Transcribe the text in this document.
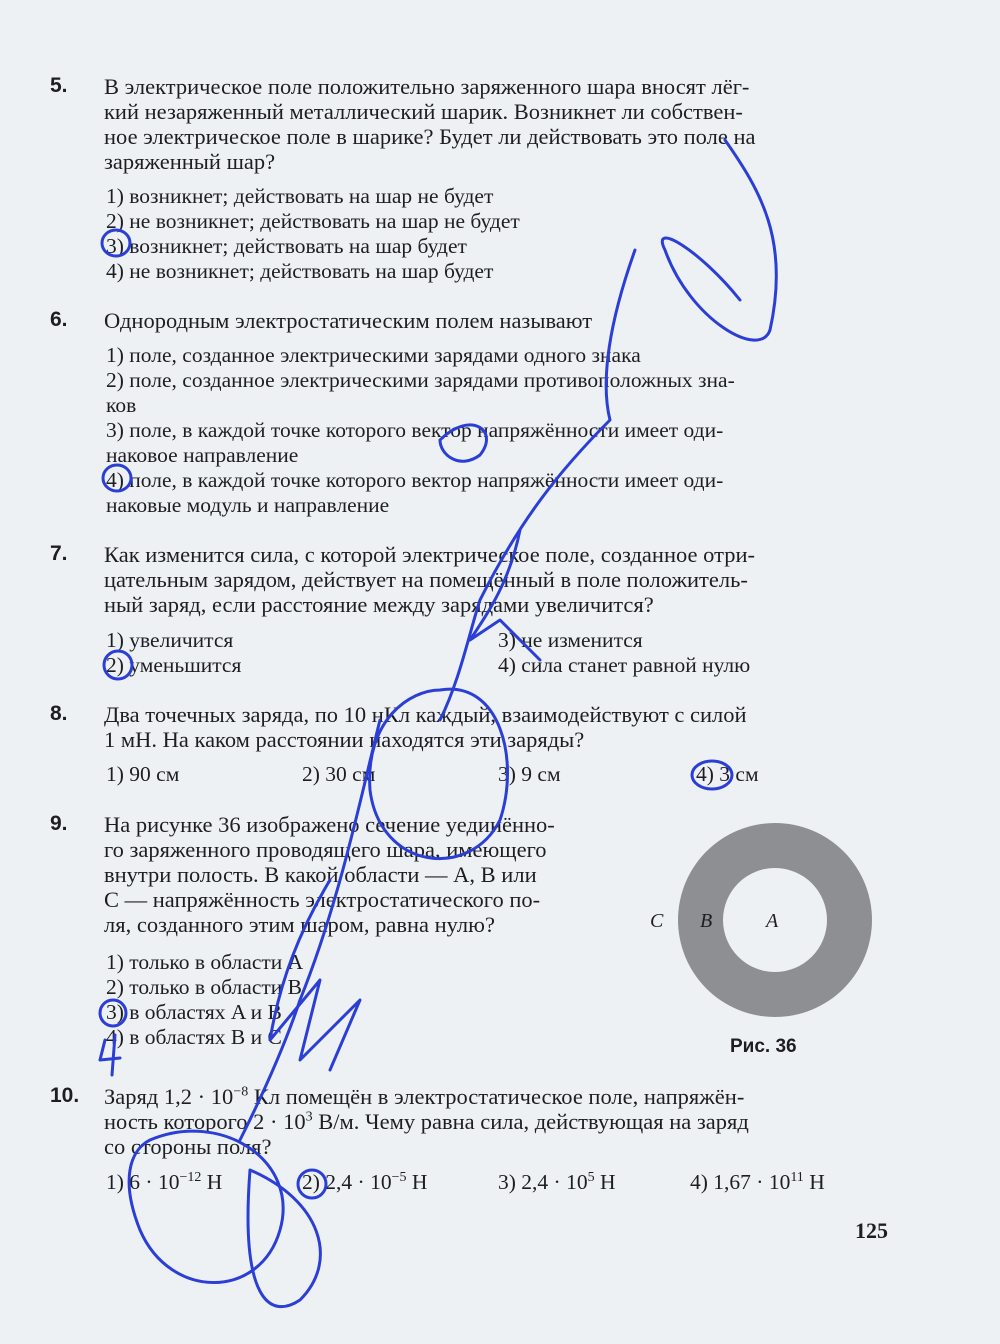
5. В электрическое поле положительно заряженного шара вносят лёг-
кий незаряженный металлический шарик. Возникнет ли собствен-
ное электрическое поле в шарике? Будет ли действовать это поле на
заряженный шар?
1) возникнет; действовать на шар не будет
2) не возникнет; действовать на шар не будет
3) возникнет; действовать на шар будет
4) не возникнет; действовать на шар будет
6. Однородным электростатическим полем называют
1) поле, созданное электрическими зарядами одного знака
2) поле, созданное электрическими зарядами противоположных зна-
ков
3) поле, в каждой точке которого вектор напряжённости имеет оди-
наковое направление
4) поле, в каждой точке которого вектор напряжённости имеет оди-
наковые модуль и направление
7. Как изменится сила, с которой электрическое поле, созданное отри-
цательным зарядом, действует на помещённый в поле положитель-
ный заряд, если расстояние между зарядами увеличится?
1) увеличится
2) уменьшится
3) не изменится
4) сила станет равной нулю
8. Два точечных заряда, по 10 нКл каждый, взаимодействуют с силой
1 мН. На каком расстоянии находятся эти заряды?
1) 90 см	2) 30 см	3) 9 см	4) 3 см
9. На рисунке 36 изображено сечение уединённо-
го заряженного проводящего шара, имеющего
внутри полость. В какой области — A, B или
C — напряжённость электростатического по-
ля, созданного этим шаром, равна нулю?
1) только в области A
2) только в области B
3) в областях A и B
4) в областях B и C
C B	A
Рис. 36
10. Заряд $1,2 \cdot 10^{-8}$ Кл помещён в электростатическое поле, напряжён-
ность которого $2 \cdot 10^3$ В/м. Чему равна сила, действующая на заряд
со стороны поля?
1) $6 \cdot 10^{-12}$ Н	2) $2,4 \cdot 10^{-5}$ Н	3) $2,4 \cdot 10^5$ Н	4) $1,67 \cdot 10^{11}$ Н
125
